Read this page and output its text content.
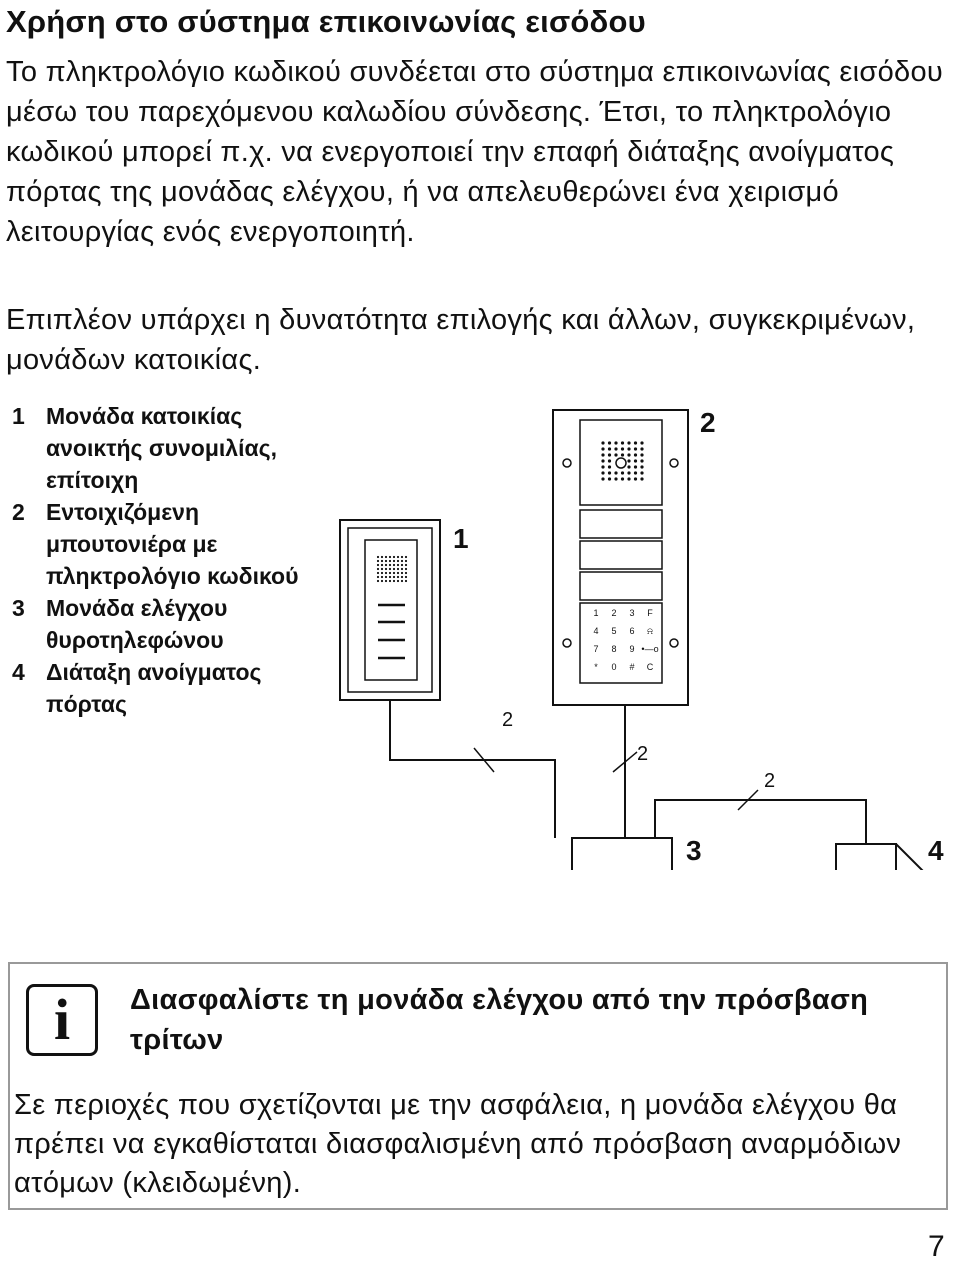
Χρήση στο σύστημα επικοινωνίας εισόδου
Το πληκτρολόγιο κωδικού συνδέεται στο σύστημα επικοινωνίας εισόδου μέσω του παρεχόμενου καλωδίου σύνδεσης. Έτσι, το πληκτρολόγιο κωδικού μπορεί π.χ. να ενεργοποιεί την επαφή διάταξης ανοίγματος πόρτας της μονάδας ελέγχου, ή να απελευθερώνει ένα χειρισμό λειτουργίας ενός ενεργοποιητή.
Επιπλέον υπάρχει η δυνατότητα επιλογής και άλλων, συγκεκριμένων, μονάδων κατοικίας.
1 Μονάδα κατοικίας ανοικτής συνομιλίας, επίτοιχη
2 Εντοιχιζόμενη μπουτονιέρα με πληκτρολόγιο κωδικού
3 Μονάδα ελέγχου θυροτηλεφώνου
4 Διάταξη ανοίγματος πόρτας
1 2 3 F
4 5 6 ⍾
7 8 9 •—o
* 0 # C
1
2
3	4
2
2
2
i	Διασφαλίστε τη μονάδα ελέγχου από την πρόσβαση τρίτων
Σε περιοχές που σχετίζονται με την ασφάλεια, η μονάδα ελέγχου θα πρέπει να εγκαθίσταται διασφαλισμένη από πρόσβαση αναρμόδιων ατόμων (κλειδωμένη).
7
